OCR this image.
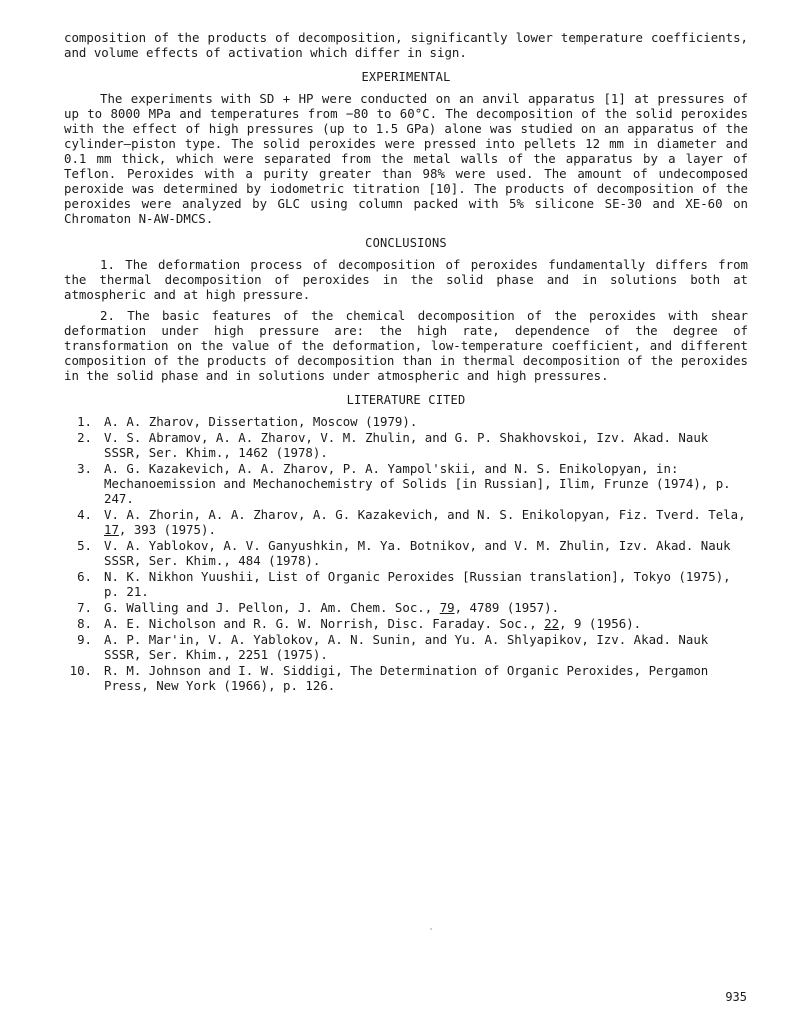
composition of the products of decomposition, significantly lower temperature coefficients, and volume effects of activation which differ in sign.

EXPERIMENTAL

The experiments with SD + HP were conducted on an anvil apparatus [1] at pressures of up to 8000 MPa and temperatures from −80 to 60°C. The decomposition of the solid peroxides with the effect of high pressures (up to 1.5 GPa) alone was studied on an apparatus of the cylinder–piston type. The solid peroxides were pressed into pellets 12 mm in diameter and 0.1 mm thick, which were separated from the metal walls of the apparatus by a layer of Teflon. Peroxides with a purity greater than 98% were used. The amount of undecomposed peroxide was determined by iodometric titration [10]. The products of decomposition of the peroxides were analyzed by GLC using column packed with 5% silicone SE-30 and XE-60 on Chromaton N-AW-DMCS.

CONCLUSIONS

1. The deformation process of decomposition of peroxides fundamentally differs from the thermal decomposition of peroxides in the solid phase and in solutions both at atmospheric and at high pressure.

2. The basic features of the chemical decomposition of the peroxides with shear deformation under high pressure are: the high rate, dependence of the degree of transformation on the value of the deformation, low-temperature coefficient, and different composition of the products of decomposition than in thermal decomposition of the peroxides in the solid phase and in solutions under atmospheric and high pressures.

LITERATURE CITED
1. A. A. Zharov, Dissertation, Moscow (1979).
2. V. S. Abramov, A. A. Zharov, V. M. Zhulin, and G. P. Shakhovskoi, Izv. Akad. Nauk SSSR, Ser. Khim., 1462 (1978).
3. A. G. Kazakevich, A. A. Zharov, P. A. Yampol'skii, and N. S. Enikolopyan, in: Mechanoemission and Mechanochemistry of Solids [in Russian], Ilim, Frunze (1974), p. 247.
4. V. A. Zhorin, A. A. Zharov, A. G. Kazakevich, and N. S. Enikolopyan, Fiz. Tverd. Tela, 17, 393 (1975).
5. V. A. Yablokov, A. V. Ganyushkin, M. Ya. Botnikov, and V. M. Zhulin, Izv. Akad. Nauk SSSR, Ser. Khim., 484 (1978).
6. N. K. Nikhon Yuushii, List of Organic Peroxides [Russian translation], Tokyo (1975), p. 21.
7. G. Walling and J. Pellon, J. Am. Chem. Soc., 79, 4789 (1957).
8. A. E. Nicholson and R. G. W. Norrish, Disc. Faraday. Soc., 22, 9 (1956).
9. A. P. Mar'in, V. A. Yablokov, A. N. Sunin, and Yu. A. Shlyapikov, Izv. Akad. Nauk SSSR, Ser. Khim., 2251 (1975).
10. R. M. Johnson and I. W. Siddigi, The Determination of Organic Peroxides, Pergamon Press, New York (1966), p. 126.
935
